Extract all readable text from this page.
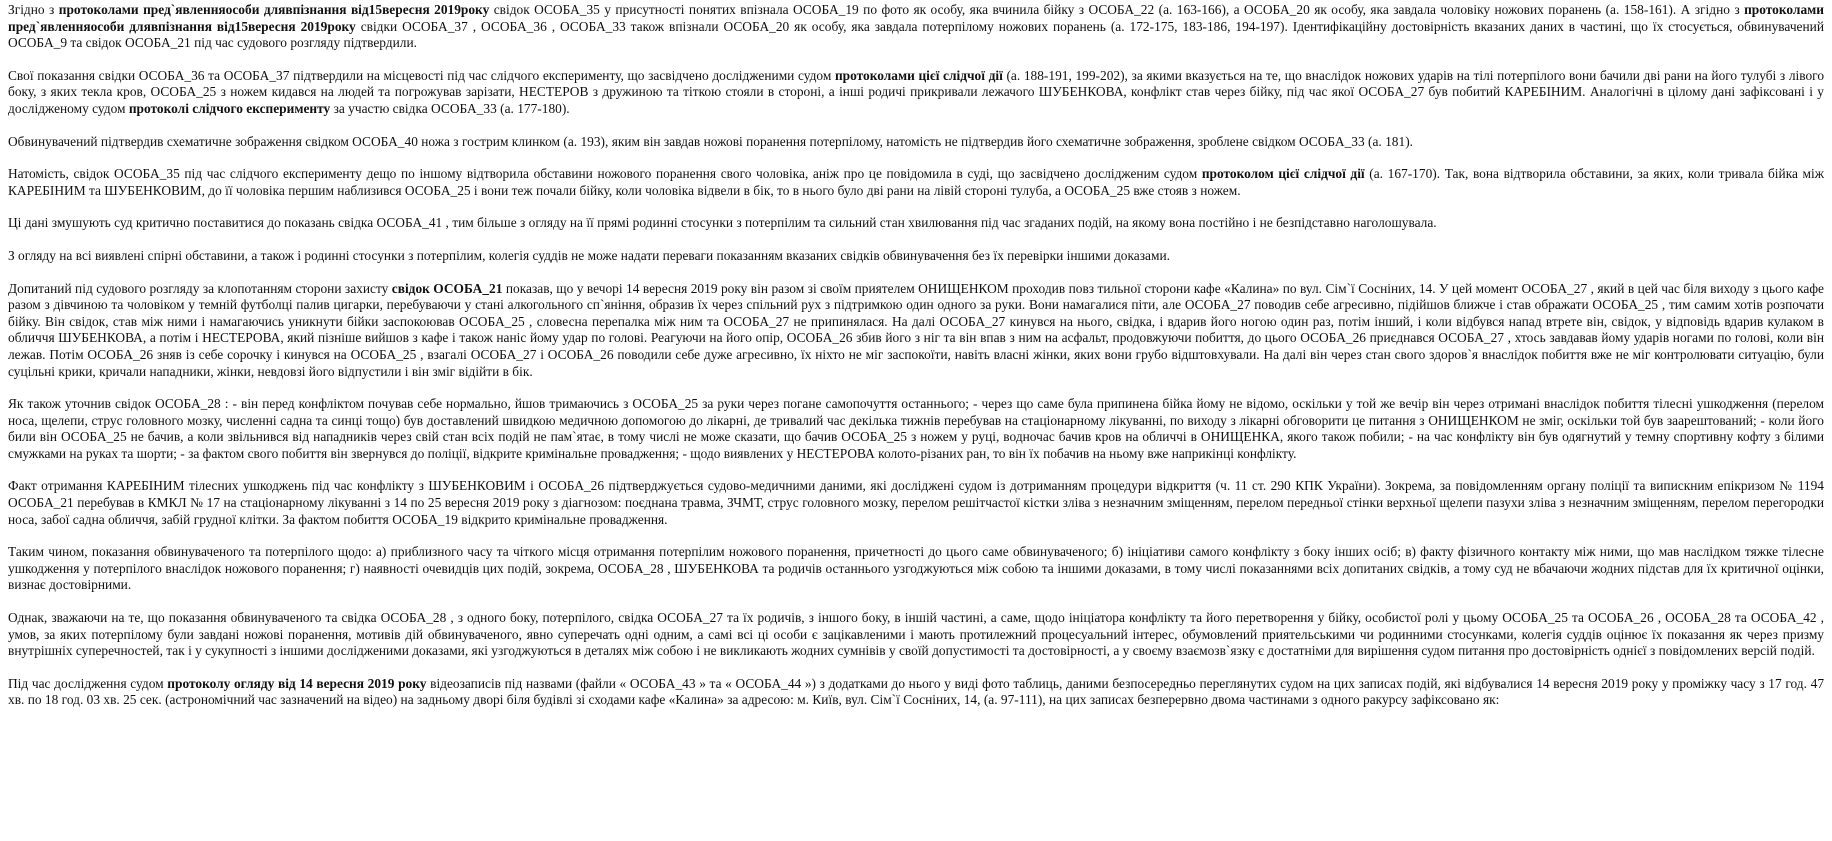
Згідно з протоколами пред`явленняособи длявпізнання від15вересня 2019року свідок ОСОБА_35 у присутності понятих впізнала ОСОБА_19 по фото як особу, яка вчинила бійку з ОСОБА_22 (а. 163-166), а ОСОБА_20 як особу, яка завдала чоловіку ножових поранень (а. 158-161). А згідно з протоколами пред`явленняособи длявпізнання від15вересня 2019року свідки ОСОБА_37 , ОСОБА_36 , ОСОБА_33 також впізнали ОСОБА_20 як особу, яка завдала потерпілому ножових поранень (а. 172-175, 183-186, 194-197). Ідентифікаційну достовірність вказаних даних в частині, що їх стосується, обвинувачений ОСОБА_9 та свідок ОСОБА_21 під час судового розгляду підтвердили.

Свої показання свідки ОСОБА_36 та ОСОБА_37 підтвердили на місцевості під час слідчого експерименту, що засвідчено дослідженими судом протоколами цієї слідчої дії (а. 188-191, 199-202), за якими вказується на те, що внаслідок ножових ударів на тілі потерпілого вони бачили дві рани на його тулубі з лівого боку, з яких текла кров, ОСОБА_25 з ножем кидався на людей та погрожував зарізати, НЕСТЕРОВ з дружиною та тіткою стояли в стороні, а інші родичі прикривали лежачого ШУБЕНКОВА, конфлікт став через бійку, під час якої ОСОБА_27 був побитий КАРЕБІНИМ. Аналогічні в цілому дані зафіксовані і у дослідженому судом протоколі слідчого експерименту за участю свідка ОСОБА_33 (а. 177-180).

Обвинувачений підтвердив схематичне зображення свідком ОСОБА_40 ножа з гострим клинком (а. 193), яким він завдав ножові поранення потерпілому, натомість не підтвердив його схематичне зображення, зроблене свідком ОСОБА_33 (а. 181).

Натомість, свідок ОСОБА_35 під час слідчого експерименту дещо по іншому відтворила обставини ножового поранення свого чоловіка, аніж про це повідомила в суді, що засвідчено дослідженим судом протоколом цієї слідчої дії (а. 167-170). Так, вона відтворила обставини, за яких, коли тривала бійка між КАРЕБІНИМ та ШУБЕНКОВИМ, до її чоловіка першим наблизився ОСОБА_25 і вони теж почали бійку, коли чоловіка відвели в бік, то в нього було дві рани на лівій стороні тулуба, а ОСОБА_25 вже стояв з ножем.

Ці дані змушують суд критично поставитися до показань свідка ОСОБА_41 , тим більше з огляду на її прямі родинні стосунки з потерпілим та сильний стан хвилювання під час згаданих подій, на якому вона постійно і не безпідставно наголошувала.

З огляду на всі виявлені спірні обставини, а також і родинні стосунки з потерпілим, колегія суддів не може надати переваги показанням вказаних свідків обвинувачення без їх перевірки іншими доказами.

Допитаний під судового розгляду за клопотанням сторони захисту свідок ОСОБА_21 показав, що у вечорі 14 вересня 2019 року він разом зі своїм приятелем ОНИЩЕНКОМ проходив повз тильної сторони кафе «Калина» по вул. Сім`ї Сосніних, 14. У цей момент ОСОБА_27 , який в цей час біля виходу з цього кафе разом з дівчиною та чоловіком у темній футболці палив цигарки, перебуваючи у стані алкогольного сп`яніння, образив їх через спільний рух з підтримкою один одного за руки. Вони намагалися піти, але ОСОБА_27 поводив себе агресивно, підійшов ближче і став ображати ОСОБА_25 , тим самим хотів розпочати бійку. Він свідок, став між ними і намагаючись уникнути бійки заспокоював ОСОБА_25 , словесна перепалка між ним та ОСОБА_27 не припинялася. На далі ОСОБА_27 кинувся на нього, свідка, і вдарив його ногою один раз, потім інший, і коли відбувся напад втрете він, свідок, у відповідь вдарив кулаком в обличчя ШУБЕНКОВА, а потім і НЕСТЕРОВА, який пізніше вийшов з кафе і також наніс йому удар по голові. Реагуючи на його опір, ОСОБА_26 збив його з ніг та він впав з ним на асфальт, продовжуючи побиття, до цього ОСОБА_26 приєднався ОСОБА_27 , хтось завдавав йому ударів ногами по голові, коли він лежав. Потім ОСОБА_26 зняв із себе сорочку і кинувся на ОСОБА_25 , взагалі ОСОБА_27 і ОСОБА_26 поводили себе дуже агресивно, їх ніхто не міг заспокоїти, навіть власні жінки, яких вони грубо відштовхували. На далі він через стан свого здоров`я внаслідок побиття вже не міг контролювати ситуацію, були суцільні крики, кричали нападники, жінки, невдовзі його відпустили і він зміг відійти в бік.

Як також уточнив свідок ОСОБА_28 : - він перед конфліктом почував себе нормально, йшов тримаючись з ОСОБА_25 за руки через погане самопочуття останнього; - через що саме була припинена бійка йому не відомо, оскільки у той же вечір він через отримані внаслідок побиття тілесні ушкодження (перелом носа, щелепи, струс головного мозку, численні садна та синці тощо) був доставлений швидкою медичною допомогою до лікарні, де тривалий час декілька тижнів перебував на стаціонарному лікуванні, по виходу з лікарні обговорити це питання з ОНИЩЕНКОМ не зміг, оскільки той був заарештований; - коли його били він ОСОБА_25 не бачив, а коли звільнився від нападників через свій стан всіх подій не пам`ятає, в тому числі не може сказати, що бачив ОСОБА_25 з ножем у руці, водночас бачив кров на обличчі в ОНИЩЕНКА, якого також побили; - на час конфлікту він був одягнутий у темну спортивну кофту з білими смужками на руках та шорти; - за фактом свого побиття він звернувся до поліції, відкрите кримінальне провадження; - щодо виявлених у НЕСТЕРОВА колото-різаних ран, то він їх побачив на ньому вже наприкінці конфлікту.

Факт отримання КАРЕБІНИМ тілесних ушкоджень під час конфлікту з ШУБЕНКОВИМ і ОСОБА_26 підтверджується судово-медичними даними, які досліджені судом із дотриманням процедури відкриття (ч. 11 ст. 290 КПК України). Зокрема, за повідомленням органу поліції та випискним епікризом № 1194 ОСОБА_21 перебував в КМКЛ № 17 на стаціонарному лікуванні з 14 по 25 вересня 2019 року з діагнозом: поєднана травма, ЗЧМТ, струс головного мозку, перелом решітчастої кістки зліва з незначним зміщенням, перелом передньої стінки верхньої щелепи пазухи зліва з незначним зміщенням, перелом перегородки носа, забої садна обличчя, забій грудної клітки. За фактом побиття ОСОБА_19 відкрито кримінальне провадження.

Таким чином, показання обвинуваченого та потерпілого щодо: а) приблизного часу та чіткого місця отримання потерпілим ножового поранення, причетності до цього саме обвинуваченого; б) ініціативи самого конфлікту з боку інших осіб; в) факту фізичного контакту між ними, що мав наслідком тяжке тілесне ушкодження у потерпілого внаслідок ножового поранення; г) наявності очевидців цих подій, зокрема, ОСОБА_28 , ШУБЕНКОВА та родичів останнього узгоджуються між собою та іншими доказами, в тому числі показаннями всіх допитаних свідків, а тому суд не вбачаючи жодних підстав для їх критичної оцінки, визнає достовірними.

Однак, зважаючи на те, що показання обвинуваченого та свідка ОСОБА_28 , з одного боку, потерпілого, свідка ОСОБА_27 та їх родичів, з іншого боку, в іншій частині, а саме, щодо ініціатора конфлікту та його перетворення у бійку, особистої ролі у цьому ОСОБА_25 та ОСОБА_26 , ОСОБА_28 та ОСОБА_42 , умов, за яких потерпілому були завдані ножові поранення, мотивів дій обвинуваченого, явно суперечать одні одним, а самі всі ці особи є зацікавленими і мають протилежний процесуальний інтерес, обумовлений приятельськими чи родинними стосунками, колегія суддів оцінює їх показання як через призму внутрішніх суперечностей, так і у сукупності з іншими дослідженими доказами, які узгоджуються в деталях між собою і не викликають жодних сумнівів у своїй допустимості та достовірності, а у своєму взаємозв`язку є достатніми для вирішення судом питання про достовірність однієї з повідомлених версій подій.

Під час дослідження судом протоколу огляду від 14 вересня 2019 року відеозаписів під назвами (файли « ОСОБА_43 » та « ОСОБА_44 ») з додатками до нього у виді фото таблиць, даними безпосередньо переглянутих судом на цих записах подій, які відбувалися 14 вересня 2019 року у проміжку часу з 17 год. 47 хв. по 18 год. 03 хв. 25 сек. (астрономічний час зазначений на відео) на задньому дворі біля будівлі зі сходами кафе «Калина» за адресою: м. Київ, вул. Сім`ї Сосніних, 14, (а. 97-111), на цих записах безперервно двома частинами з одного ракурсу зафіксовано як:
